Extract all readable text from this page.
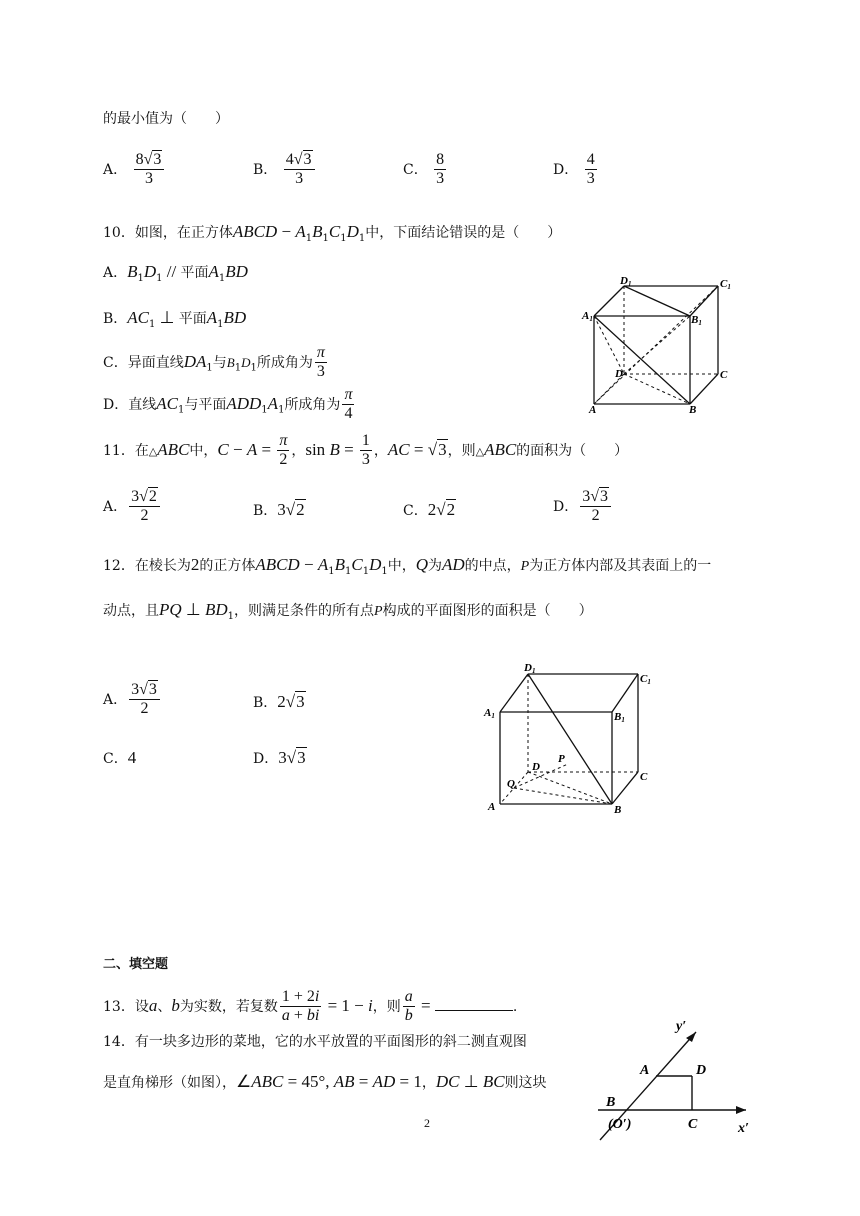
的最小值为（　　）
A． $\frac{8√3}{3}$	B． $\frac{4√3}{3}$	C． $\frac{8}{3}$	D． $\frac{4}{3}$
10．如图，在正方体ABCD − $A_1B_1C_1D_1$中，下面结论错误的是（　　）
A．$B_1D_1$ // 平面$A_1BD$
B．$AC_1$ ⊥ 平面$A_1BD$
C．异面直线$DA_1$与$B_1D_1$所成角为 $\frac{\pi}{3}$
D．直线$AC_1$与平面$ADD_1A_1$所成角为 $\frac{\pi}{4}$
D1	C1
A1	B1
D	C
A	B
11．在△ABC中，$C - A = \frac{\pi}{2}$ ，$\sin B = \frac{1}{3}$ ，AC = √3，则△ABC的面积为（　　）
A． $\frac{3√2}{2}$	B．3√2	C．2√2	D． $\frac{3√3}{2}$
12．在棱长为2的正方体ABCD − $A_1B_1C_1D_1$中，Q为AD的中点，P为正方体内部及其表面上的一
动点，且PQ ⊥ $BD_1$，则满足条件的所有点P构成的平面图形的面积是（　　）
A． $\frac{3√3}{2}$	B．2√3
C．4	D．3√3
D1
C1
A1	B1
D
P
C
Q
A	B
二、填空题
13．设a、b为实数，若复数 $\frac{1 + 2i}{a + bi} = 1 - i$，则 $\frac{a}{b}$ =	.
14．有一块多边形的菜地，它的水平放置的平面图形的斜二测直观图
是直角梯形（如图），∠ABC = 45°, AB = AD = 1，DC ⊥ BC则这块
y′
A	D
B
(O′)	C	x′
2
